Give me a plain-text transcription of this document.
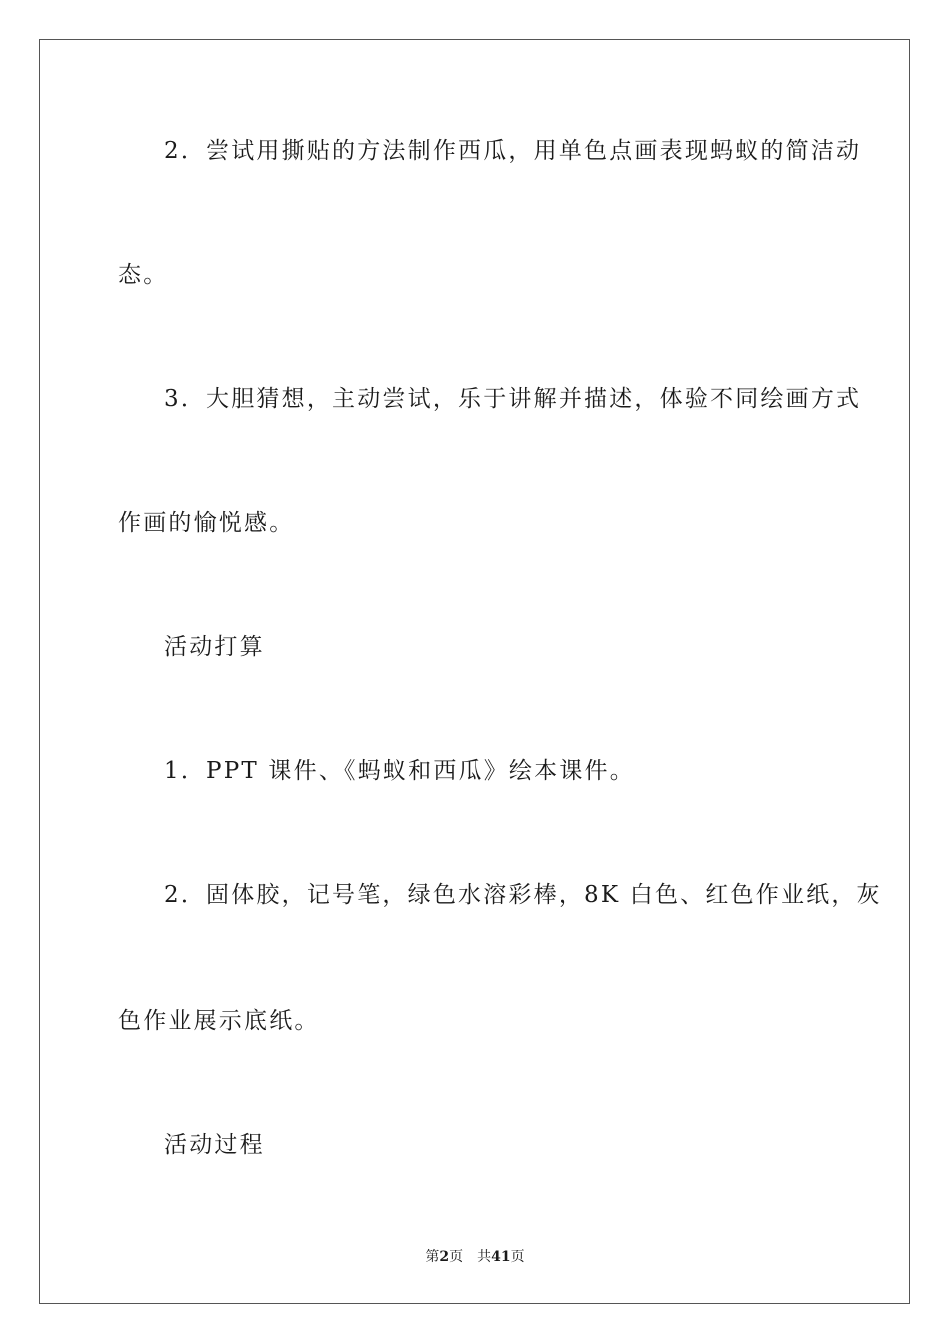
2．尝试用撕贴的方法制作西瓜，用单色点画表现蚂蚁的简洁动
态。
3．大胆猜想，主动尝试，乐于讲解并描述，体验不同绘画方式
作画的愉悦感。
活动打算
1．PPT 课件、《蚂蚁和西瓜》绘本课件。
2．固体胶，记号笔，绿色水溶彩棒，8K 白色、红色作业纸，灰
色作业展示底纸。
活动过程
第2页 共41页
